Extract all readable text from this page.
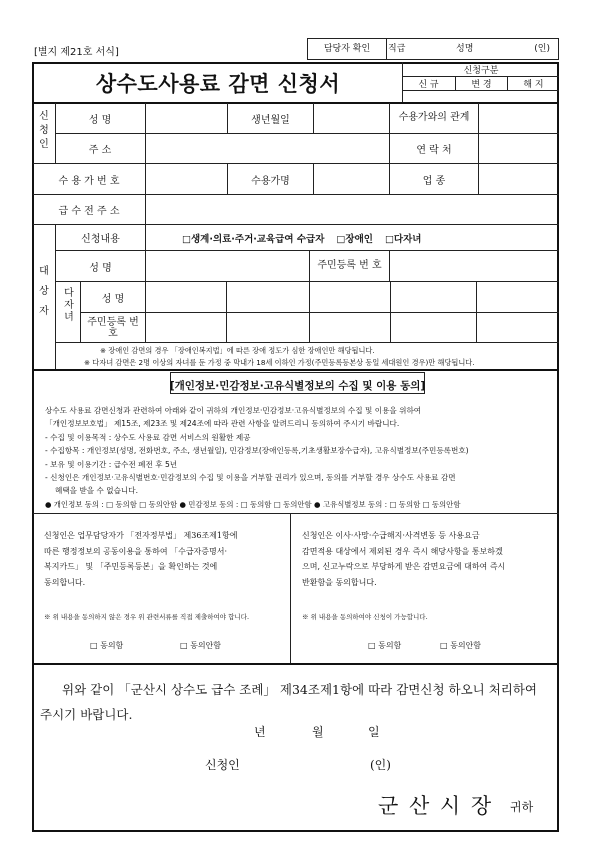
[별지 제21호 서식]	담당자 확인	직급	성명	(인)
상수도사용료 감면 신청서
신청구분
신 규	변 경	해 지
신청인
성 명	생년월일	수용가와의 관계
주 소	연 락 처
수 용 가 번 호	수용가명	업 종
급 수 전 주 소
대상자
신청내용	□생계·의료·주거·교육급여 수급자 □장애인 □다자녀
성 명	주민등록 번 호
다자녀
성 명
주민등록 번 호
※ 장애인 감면의 경우 「장애인복지법」에 따른 장애 정도가 심한 장애인만 해당됩니다.
※ 다자녀 감면은 2명 이상의 자녀를 둔 가정 중 막내가 18세 이하인 가정(주민등록등본상 동일 세대원인 경우)만 해당됩니다.
[개인정보·민감정보·고유식별정보의 수집 및 이용 동의]
상수도 사용료 감면신청과 관련하여 아래와 같이 귀하의 개인정보·민감정보·고유식별정보의 수집 및 이용을 위하여
「개인정보보호법」 제15조, 제23조 및 제24조에 따라 관련 사항을 알려드리니 동의하여 주시기 바랍니다.
- 수집 및 이용목적 : 상수도 사용료 감면 서비스의 원활한 제공
- 수집항목 : 개인정보(성명, 전화번호, 주소, 생년월일), 민감정보(장애인등록,기초생활보장수급자), 고유식별정보(주민등록번호)
- 보유 및 이용기간 : 급수전 폐전 후 5년
- 신청인은 개인정보·고유식별번호·민감정보의 수집 및 이용을 거부할 권리가 있으며, 동의를 거부할 경우 상수도 사용료 감면
혜택을 받을 수 없습니다.
● 개인정보 동의 : □ 동의함 □ 동의안함 ● 민감정보 동의 : □ 동의함 □ 동의안함 ● 고유식별정보 동의 : □ 동의함 □ 동의안함
신청인은 업무담당자가 「전자정부법」 제36조제1항에
따른 행정정보의 공동이용을 통하여 「수급자증명서·
복지카드」 및 「주민등록등본」을 확인하는 것에
동의합니다.
※ 위 내용을 동의하지 않은 경우 위 관련서류를 직접 제출하여야 합니다.
□ 동의함	□ 동의안함
신청인은 이사·사망·수급해지·사격변동 등 사용요금
감면적용 대상에서 제외된 경우 즉시 해당사항을 통보하겠
으며, 신고누락으로 부당하게 받은 감면요금에 대하여 즉시
반환함을 동의합니다.
※ 위 내용을 동의하여야 신청이 가능합니다.
□ 동의함	□ 동의안함
위와 같이 「군산시 상수도 급수 조례」 제34조제1항에 따라 감면신청 하오니 처리하여
주시기 바랍니다.
년	월	일
신청인	(인)
군 산 시 장 귀하
